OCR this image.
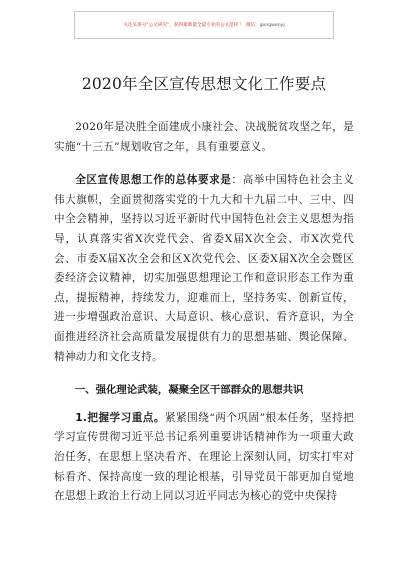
关注头条号“公文研究”，获得最新最全最专业的公文范样 ！ 微信：gongwenyj
2020年全区宣传思想文化工作要点

2020年是决胜全面建成小康社会、决战脱贫攻坚之年，是实施“十三五”规划收官之年，具有重要意义。

全区宣传思想工作的总体要求是：高举中国特色社会主义伟大旗帜，全面贯彻落实党的十九大和十九届二中、三中、四中全会精神，坚持以习近平新时代中国特色社会主义思想为指导，认真落实省X次党代会、省委X届X次全会、市X次党代会、市委X届X次全会和区X次党代会、区委X届X次全会暨区委经济会议精神，切实加强思想理论工作和意识形态工作为重点，提振精神，持续发力，迎难而上，坚持务实、创新宣传，进一步增强政治意识、大局意识、核心意识、看齐意识，为全面推进经济社会高质量发展提供有力的思想基础、舆论保障、精神动力和文化支持。

一、强化理论武装，凝聚全区干部群众的思想共识

1.把握学习重点。紧紧围绕“两个巩固”根本任务，坚持把学习宣传贯彻习近平总书记系列重要讲话精神作为一项重大政治任务，在思想上坚决看齐、在理论上深刻认同，切实打牢对标看齐、保持高度一致的理论根基，引导党员干部更加自觉地在思想上政治上行动上同以习近平同志为核心的党中央保持
